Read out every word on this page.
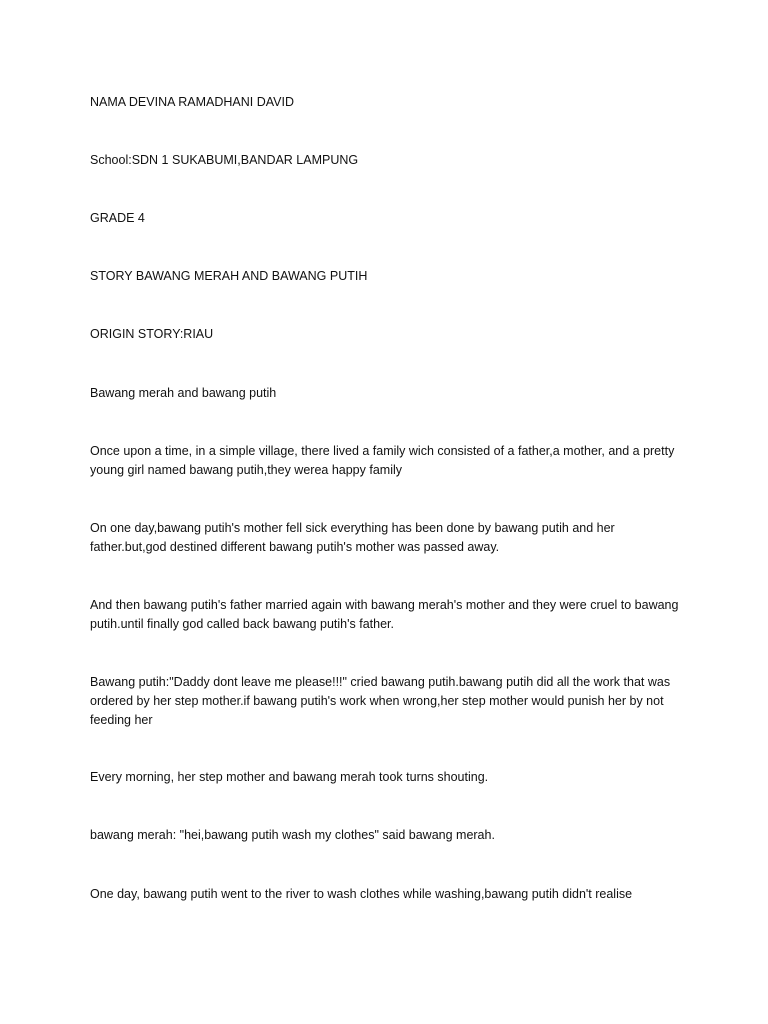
NAMA DEVINA RAMADHANI DAVID
School:SDN 1 SUKABUMI,BANDAR LAMPUNG
GRADE 4
STORY BAWANG MERAH AND BAWANG PUTIH
ORIGIN STORY:RIAU
Bawang merah and bawang putih
Once upon a time, in a simple village, there lived a family wich consisted of a father,a mother, and a pretty young girl named bawang putih,they werea happy family
On one day,bawang putih's mother fell sick everything has been done by bawang putih and her father.but,god destined different bawang putih's mother was passed away.
And then bawang putih's father married again with bawang merah's mother and they were cruel to bawang putih.until finally god called back bawang putih's father.
Bawang putih:"Daddy dont leave me please!!!" cried bawang putih.bawang putih did all the work that was ordered by her step mother.if bawang putih's work when wrong,her step mother would punish her by not feeding her
Every morning, her step mother and bawang merah took turns shouting.
bawang merah: "hei,bawang putih wash my clothes" said bawang merah.
One day, bawang putih went to the river to wash clothes while washing,bawang putih didn't realise
